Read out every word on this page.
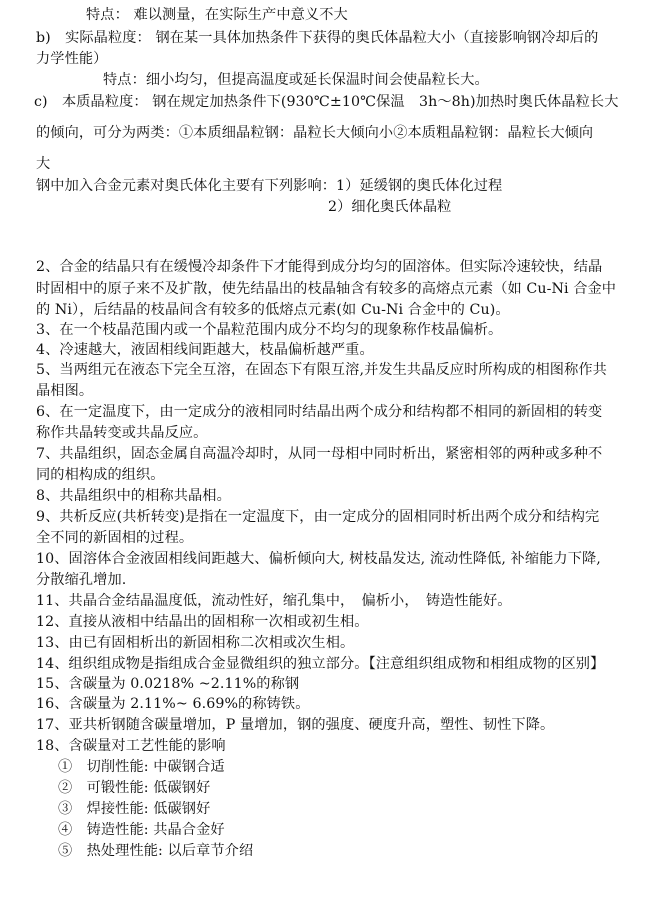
特点： 难以测量，在实际生产中意义不大
b)　实际晶粒度： 钢在某一具体加热条件下获得的奥氏体晶粒大小（直接影响钢冷却后的
力学性能）
特点：细小均匀，但提高温度或延长保温时间会使晶粒长大。
c)　本质晶粒度： 钢在规定加热条件下(930℃±10℃保温　3h～8h)加热时奥氏体晶粒长大
的倾向，可分为两类：①本质细晶粒钢：晶粒长大倾向小②本质粗晶粒钢：晶粒长大倾向
大
钢中加入合金元素对奥氏体化主要有下列影响：1）延缓钢的奥氏体化过程
2）细化奥氏体晶粒
2、合金的结晶只有在缓慢冷却条件下才能得到成分均匀的固溶体。但实际冷速较快，结晶
时固相中的原子来不及扩散，使先结晶出的枝晶轴含有较多的高熔点元素（如 Cu-Ni 合金中
的 Ni），后结晶的枝晶间含有较多的低熔点元素(如 Cu-Ni 合金中的 Cu)。
3、在一个枝晶范围内或一个晶粒范围内成分不均匀的现象称作枝晶偏析。
4、冷速越大，液固相线间距越大，枝晶偏析越严重。
5、当两组元在液态下完全互溶，在固态下有限互溶,并发生共晶反应时所构成的相图称作共
晶相图。
6、在一定温度下，由一定成分的液相同时结晶出两个成分和结构都不相同的新固相的转变
称作共晶转变或共晶反应。
7、共晶组织，固态金属自高温冷却时，从同一母相中同时析出，紧密相邻的两种或多种不
同的相构成的组织。
8、共晶组织中的相称共晶相。
9、共析反应(共析转变)是指在一定温度下，由一定成分的固相同时析出两个成分和结构完
全不同的新固相的过程。
10、固溶体合金液固相线间距越大、偏析倾向大, 树枝晶发达, 流动性降低, 补缩能力下降,
分散缩孔增加.
11、共晶合金结晶温度低，流动性好，缩孔集中，　偏析小，　铸造性能好。
12、直接从液相中结晶出的固相称一次相或初生相。
13、由已有固相析出的新固相称二次相或次生相。
14、组织组成物是指组成合金显微组织的独立部分。【注意组织组成物和相组成物的区别】
15、含碳量为 0.0218% ~2.11%的称钢
16、含碳量为 2.11%~ 6.69%的称铸铁。
17、亚共析钢随含碳量增加，P 量增加，钢的强度、硬度升高，塑性、韧性下降。
18、含碳量对工艺性能的影响
①　切削性能: 中碳钢合适
②　可锻性能: 低碳钢好
③　焊接性能: 低碳钢好
④　铸造性能: 共晶合金好
⑤　热处理性能: 以后章节介绍
